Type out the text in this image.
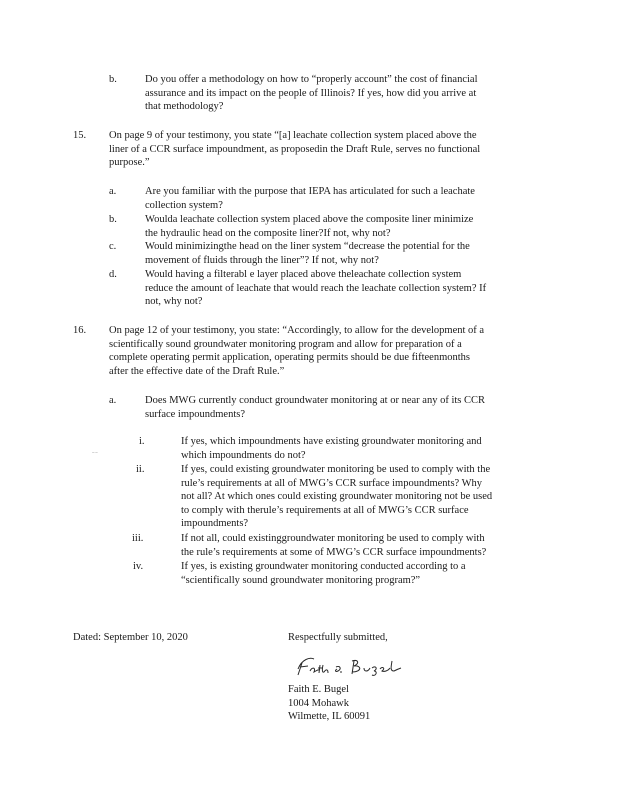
b.	Do you offer a methodology on how to “properly account” the cost of financial
assurance and its impact on the people of Illinois? If yes, how did you arrive at
that methodology?
15. On page 9 of your testimony, you state “[a] leachate collection system placed above the
liner of a CCR surface impoundment, as proposedin the Draft Rule, serves no functional
purpose.”
a.	Are you familiar with the purpose that IEPA has articulated for such a leachate
collection system?
b.	Woulda leachate collection system placed above the composite liner minimize
the hydraulic head on the composite liner?If not, why not?
c.	Would minimizingthe head on the liner system “decrease the potential for the
movement of fluids through the liner”? If not, why not?
d.	Would having a filterabl e layer placed above theleachate collection system
reduce the amount of leachate that would reach the leachate collection system? If
not, why not?
16. On page 12 of your testimony, you state: “Accordingly, to allow for the development of a
scientifically sound groundwater monitoring program and allow for preparation of a
complete operating permit application, operating permits should be due fifteenmonths
after the effective date of the Draft Rule.”
a.	Does MWG currently conduct groundwater monitoring at or near any of its CCR
surface impoundments?
i.	If yes, which impoundments have existing groundwater monitoring and
which impoundments do not?
ii.	If yes, could existing groundwater monitoring be used to comply with the
rule’s requirements at all of MWG’s CCR surface impoundments? Why
not all? At which ones could existing groundwater monitoring not be used
to comply with therule’s requirements at all of MWG’s CCR surface
impoundments?
iii.	If not all, could existinggroundwater monitoring be used to comply with
the rule’s requirements at some of MWG’s CCR surface impoundments?
iv.	If yes, is existing groundwater monitoring conducted according to a
“scientifically sound groundwater monitoring program?”
Dated: September 10, 2020	Respectfully submitted,
Faith E. Bugel
Faith E. Bugel
1004 Mohawk
Wilmette, IL 60091
